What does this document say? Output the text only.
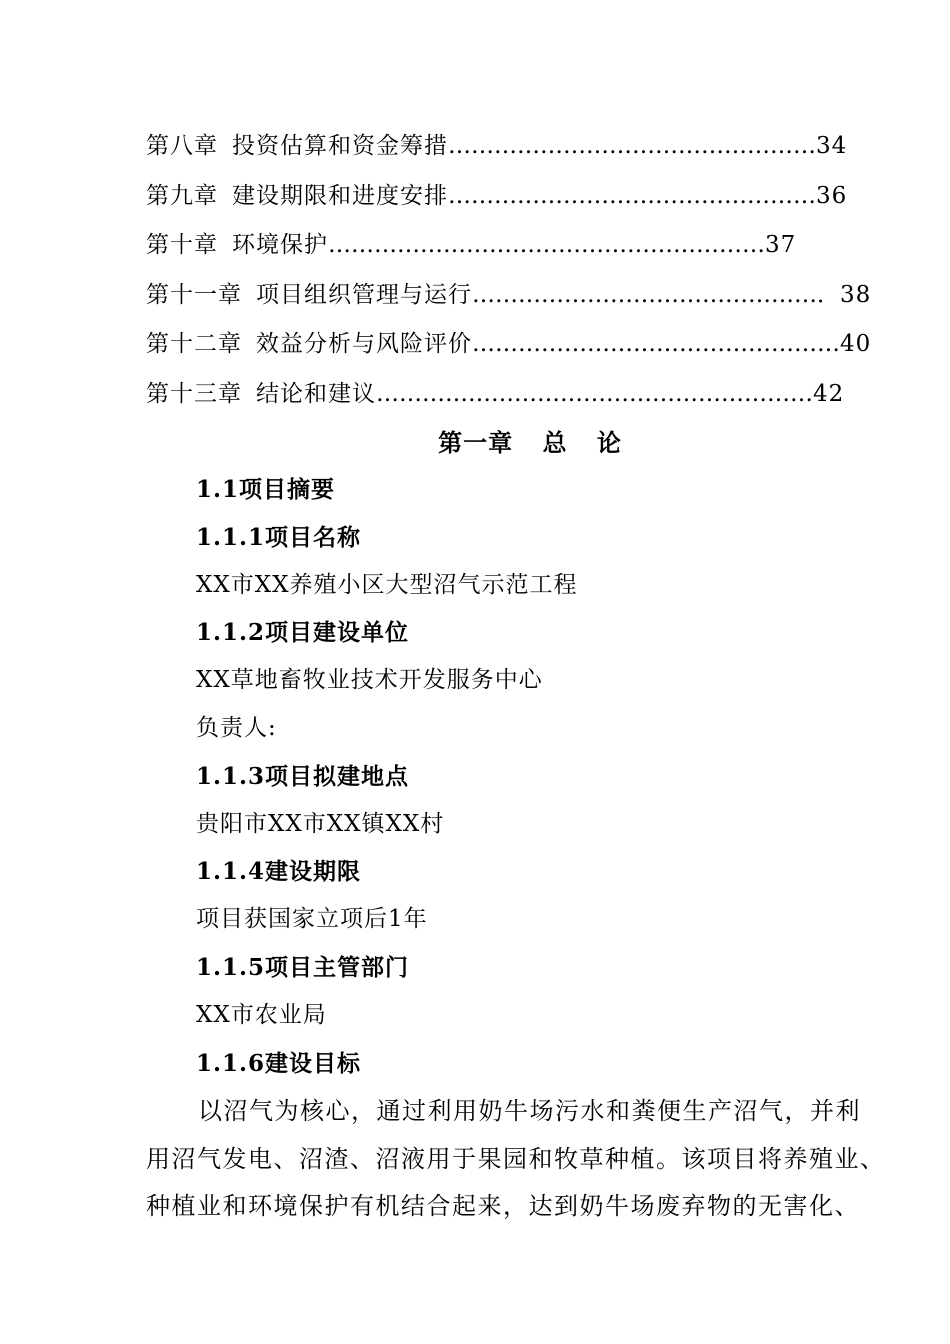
第八章 投资估算和资金筹措…………………………………………34
第九章 建设期限和进度安排…………………………………………36
第十章 环境保护…………………………………………………37
第十一章 项目组织管理与运行………………………………………．38
第十二章 效益分析与风险评价…………………………………………40
第十三章 结论和建议…………………………………………………42
第一章 总 论
1.1项目摘要
1.1.1项目名称
XX市XX养殖小区大型沼气示范工程
1.1.2项目建设单位
XX草地畜牧业技术开发服务中心
负责人:
1.1.3项目拟建地点
贵阳市XX市XX镇XX村
1.1.4建设期限
项目获国家立项后1年
1.1.5项目主管部门
XX市农业局
1.1.6建设目标
以沼气为核心，通过利用奶牛场污水和粪便生产沼气，并利用沼气发电、沼渣、沼液用于果园和牧草种植。该项目将养殖业、种植业和环境保护有机结合起来，达到奶牛场废弃物的无害化、
